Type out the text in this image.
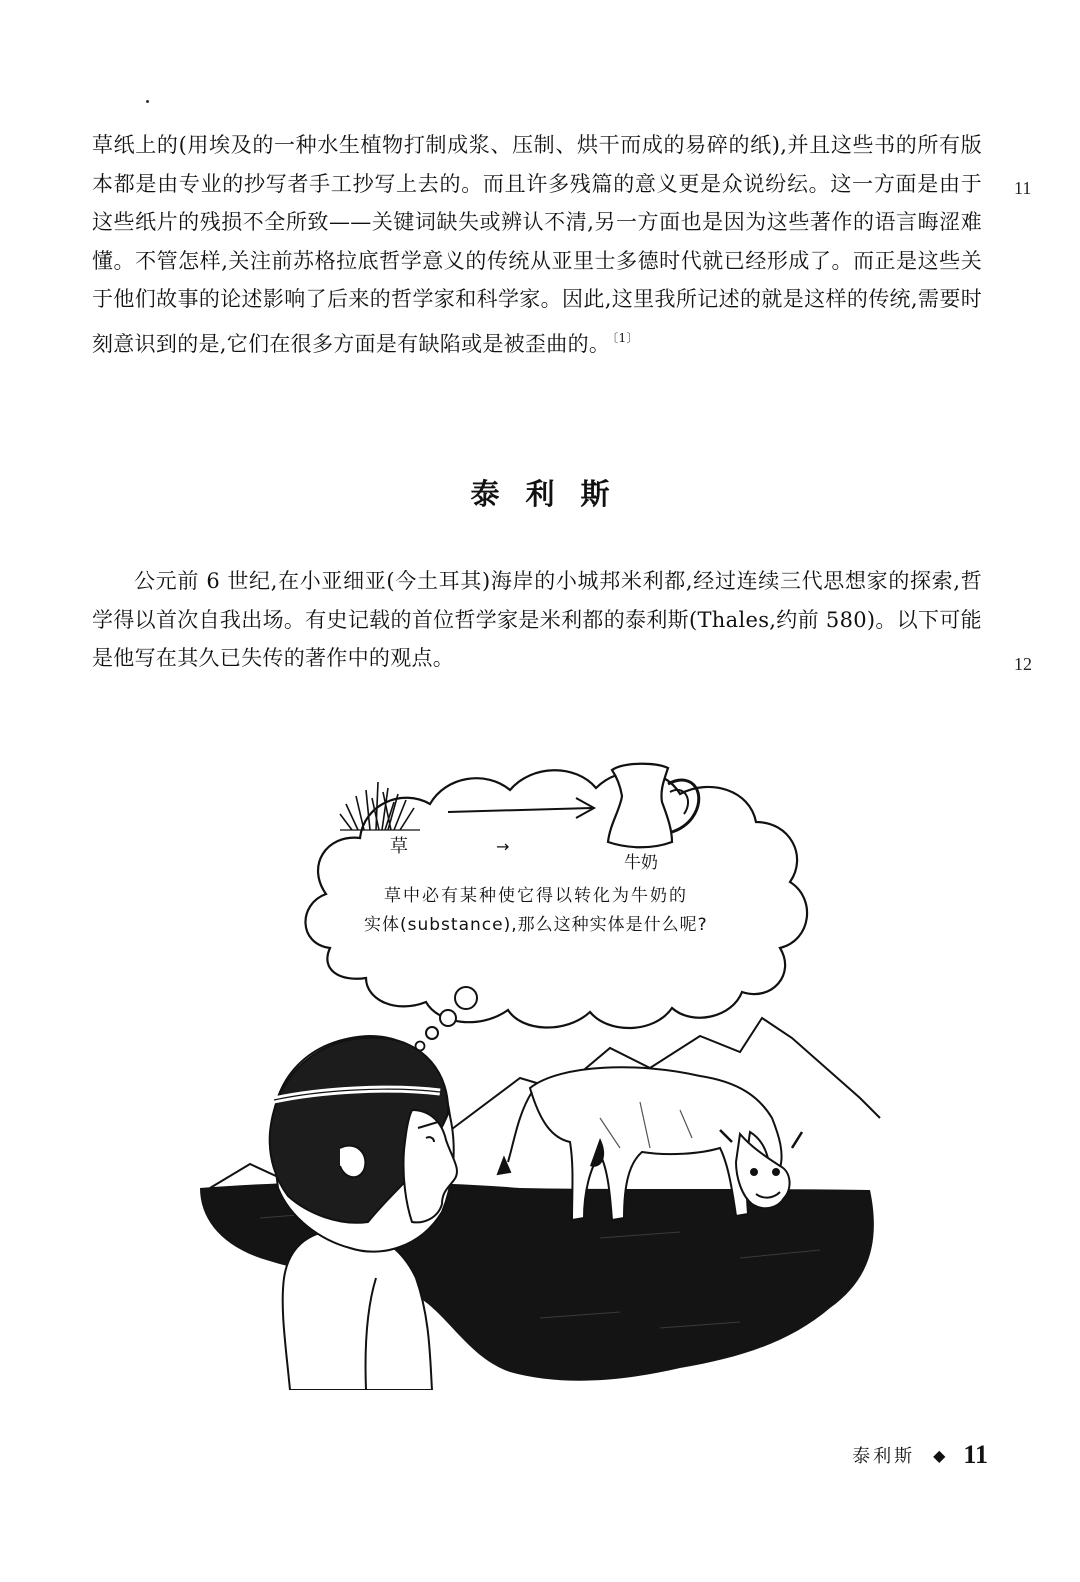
草纸上的(用埃及的一种水生植物打制成浆、压制、烘干而成的易碎的纸),并且这些书的所有版本都是由专业的抄写者手工抄写上去的。而且许多残篇的意义更是众说纷纭。这一方面是由于这些纸片的残损不全所致——关键词缺失或辨认不清,另一方面也是因为这些著作的语言晦涩难懂。不管怎样,关注前苏格拉底哲学意义的传统从亚里士多德时代就已经形成了。而正是这些关于他们故事的论述影响了后来的哲学家和科学家。因此,这里我所记述的就是这样的传统,需要时刻意识到的是,它们在很多方面是有缺陷或是被歪曲的。 $^{〔1〕}$

11
泰利斯

公元前 6 世纪,在小亚细亚(今土耳其)海岸的小城邦米利都,经过连续三代思想家的探索,哲学得以首次自我出场。有史记载的首位哲学家是米利都的泰利斯(Thales,约前 580)。以下可能是他写在其久已失传的著作中的观点。	12
草	→
牛奶
草中必有某种使它得以转化为牛奶的
实体(substance),那么这种实体是什么呢?
泰利斯 ◆ 11
